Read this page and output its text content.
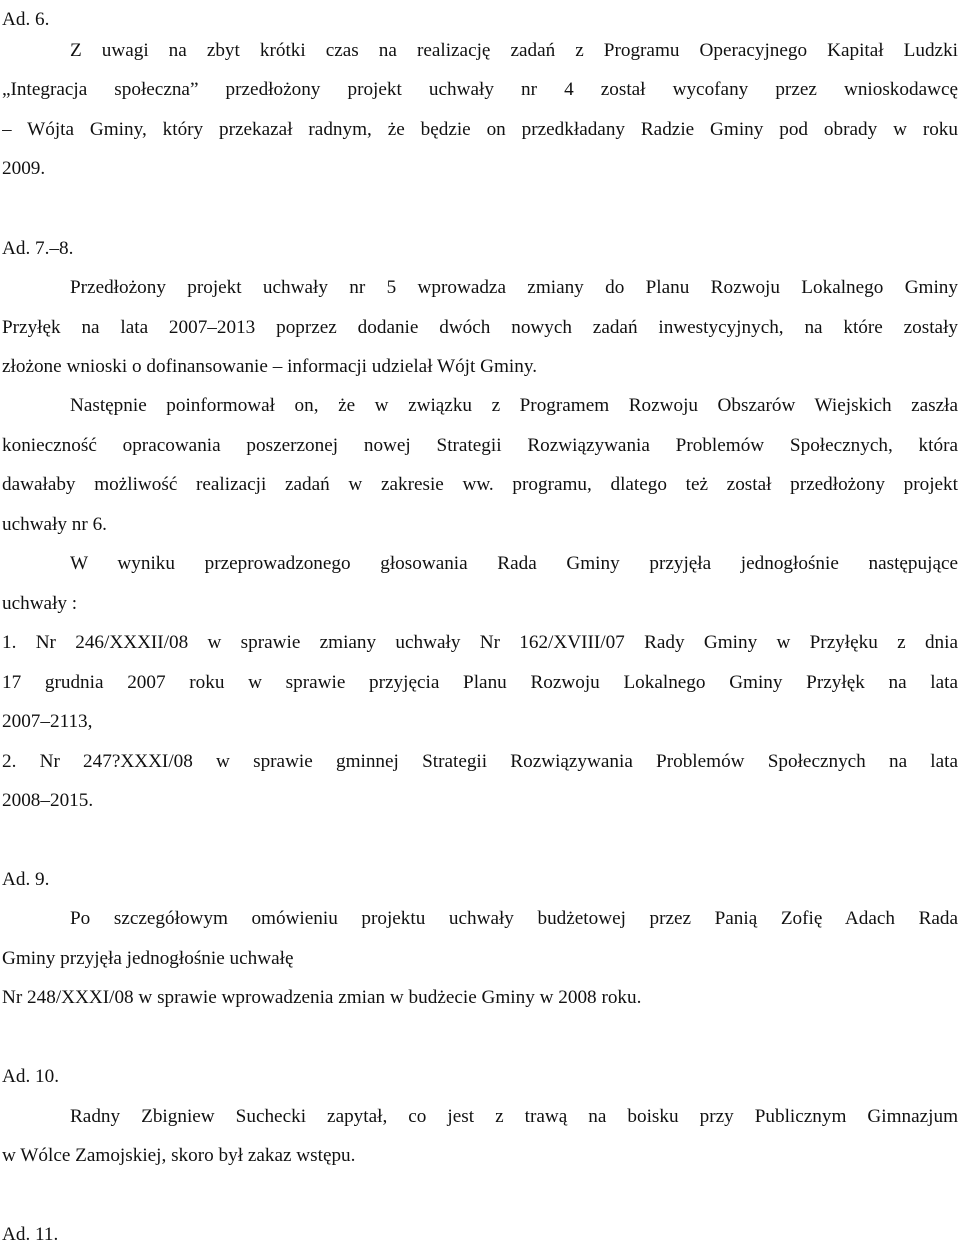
Ad. 6.
Z uwagi na zbyt krótki czas na realizację zadań z Programu Operacyjnego Kapitał Ludzki
„Integracja społeczna” przedłożony projekt uchwały nr 4 został wycofany przez wnioskodawcę
– Wójta Gminy, który przekazał radnym, że będzie on przedkładany Radzie Gminy pod obrady w roku
2009.
Ad. 7.–8.
Przedłożony projekt uchwały nr 5 wprowadza zmiany do Planu Rozwoju Lokalnego Gminy
Przyłęk na lata 2007–2013 poprzez dodanie dwóch nowych zadań inwestycyjnych, na które zostały
złożone wnioski o dofinansowanie – informacji udzielał Wójt Gminy.
Następnie poinformował on, że w związku z Programem Rozwoju Obszarów Wiejskich zaszła
konieczność opracowania poszerzonej nowej Strategii Rozwiązywania Problemów Społecznych, która
dawałaby możliwość realizacji zadań w zakresie ww. programu, dlatego też został przedłożony projekt
uchwały nr 6.
W wyniku przeprowadzonego głosowania Rada Gminy przyjęła jednogłośnie następujące
uchwały :
1. Nr 246/XXXII/08 w sprawie zmiany uchwały Nr 162/XVIII/07 Rady Gminy w Przyłęku z dnia
17 grudnia 2007 roku w sprawie przyjęcia Planu Rozwoju Lokalnego Gminy Przyłęk na lata
2007–2113,
2. Nr 247?XXXI/08 w sprawie gminnej Strategii Rozwiązywania Problemów Społecznych na lata
2008–2015.
Ad. 9.
Po szczegółowym omówieniu projektu uchwały budżetowej przez Panią Zofię Adach Rada
Gminy przyjęła jednogłośnie uchwałę
Nr 248/XXXI/08 w sprawie wprowadzenia zmian w budżecie Gminy w 2008 roku.
Ad. 10.
Radny Zbigniew Suchecki zapytał, co jest z trawą na boisku przy Publicznym Gimnazjum
w Wólce Zamojskiej, skoro był zakaz wstępu.
Ad. 11.
